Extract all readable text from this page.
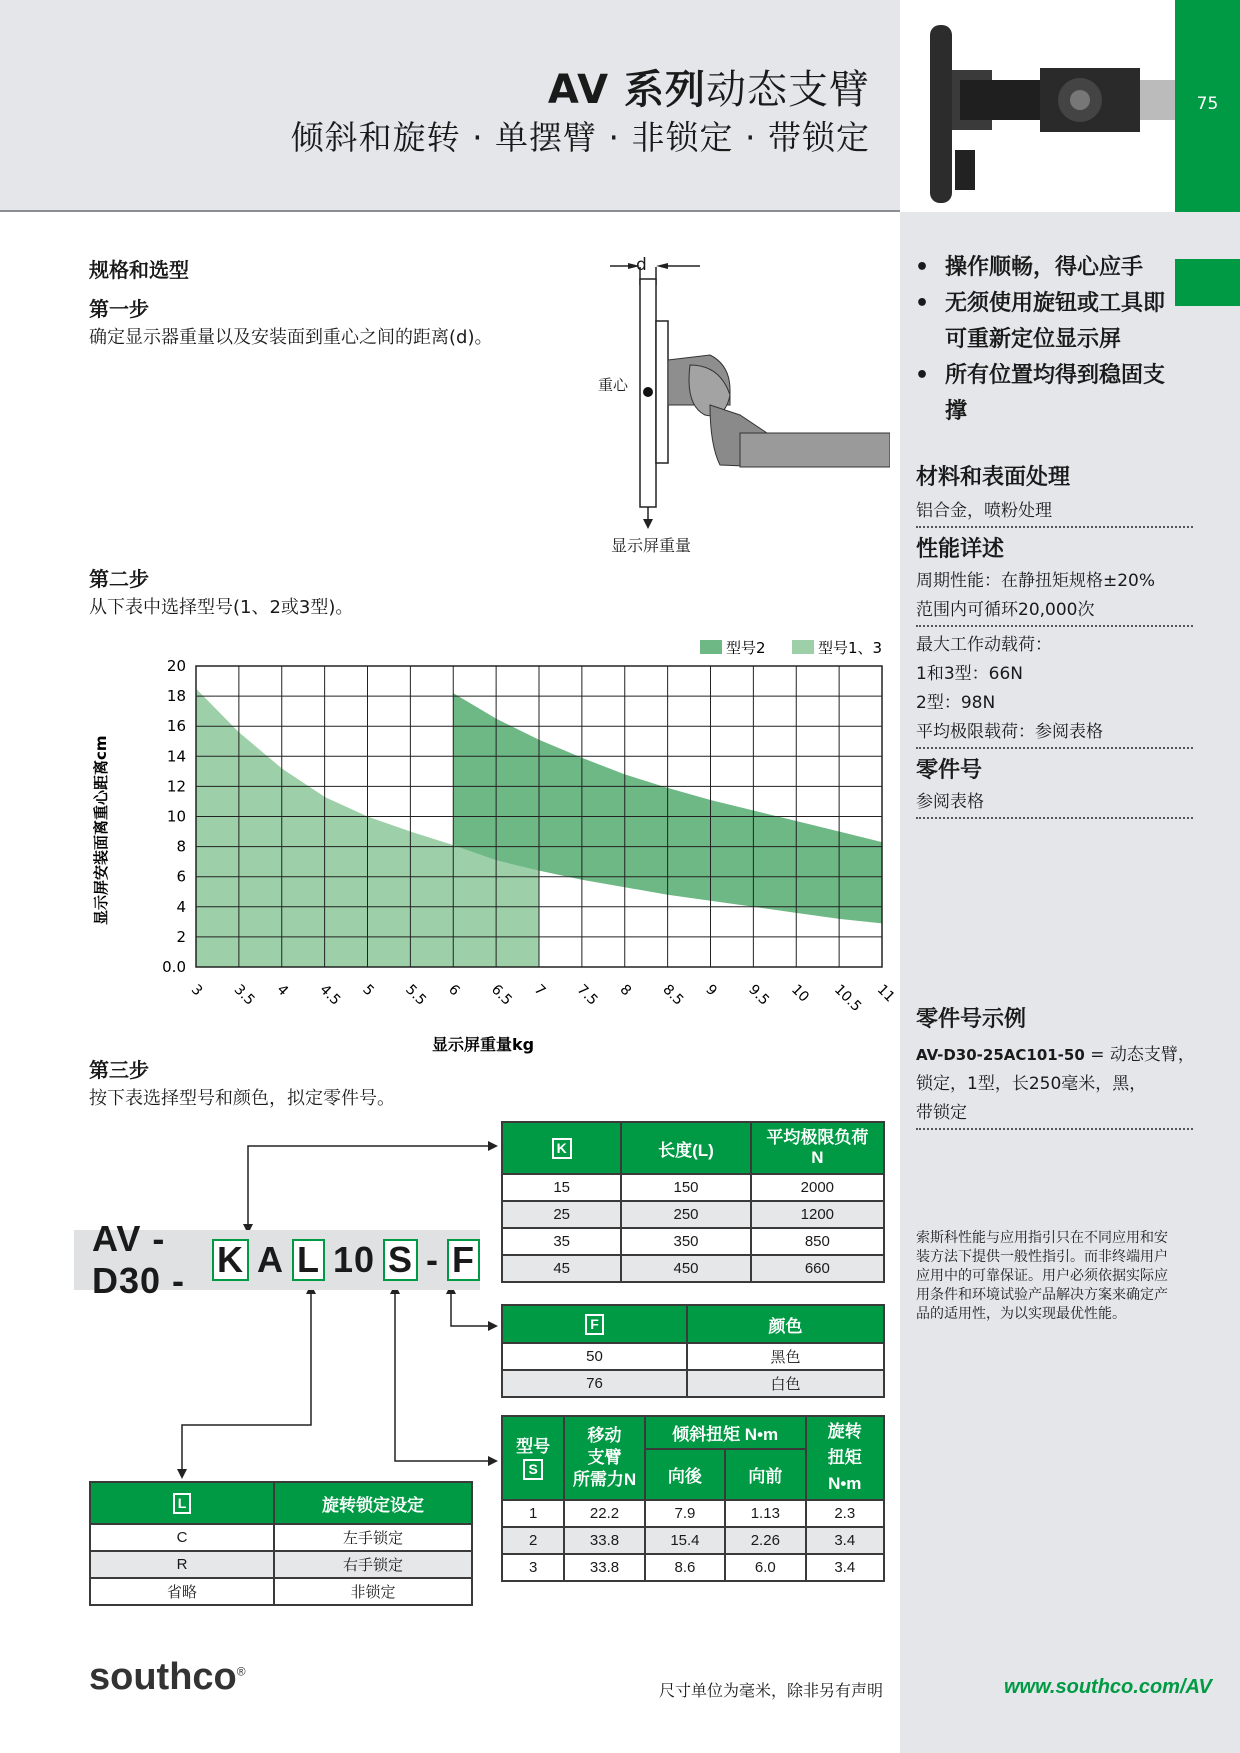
AV 系列动态支臂
倾斜和旋转 · 单摆臂 · 非锁定 · 带锁定
75
规格和选型
第一步
确定显示器重量以及安装面到重心之间的距离(d)。
d
重心
显示屏重量
第二步
从下表中选择型号(1、2或3型)。
型号2	型号1、3
3 3.5 4 4.5 5 5.5 6 6.5 7 7.5 8 8.5 9 9.5 10 10.5 11
0.0
2
4
6
8
10
12
14
16
18
20
显示屏安装面离重心距离cm
显示屏重量kg
第三步
按下表选择型号和颜色，拟定零件号。
AV - D30 -
K A L 10 S - F
K	长度(L)	平均极限负荷
N
15	150	2000
25	250	1200
35	350	850
45	450	660
F	颜色
50	黑色
76	白色
型号
S	移动
支臂
所需力N	倾斜扭矩 N•m		旋转
扭矩
N•m
		向後	向前	
1	22.2	7.9	1.13	2.3
2	33.8	15.4	2.26	3.4
3	33.8	8.6	6.0	3.4
L	旋转锁定设定
C	左手锁定
R	右手锁定
省略	非锁定
• 操作顺畅，得心应手
• 无须使用旋钮或工具即可重新定位显示屏
• 所有位置均得到稳固支撑
材料和表面处理
铝合金，喷粉处理
性能详述
周期性能：在静扭矩规格±20%
范围内可循环20,000次
最大工作动载荷：
1和3型：66N
2型：98N
平均极限载荷：参阅表格
零件号
参阅表格
零件号示例
AV-D30-25AC101-50 = 动态支臂，
锁定，1型，长250毫米，黑，
带锁定
索斯科性能与应用指引只在不同应用和安装方法下提供一般性指引。而非终端用户应用中的可靠保证。用户必须依据实际应用条件和环境试验产品解决方案来确定产品的适用性，为以实现最优性能。
southco®
尺寸单位为毫米，除非另有声明	www.southco.com/AV
